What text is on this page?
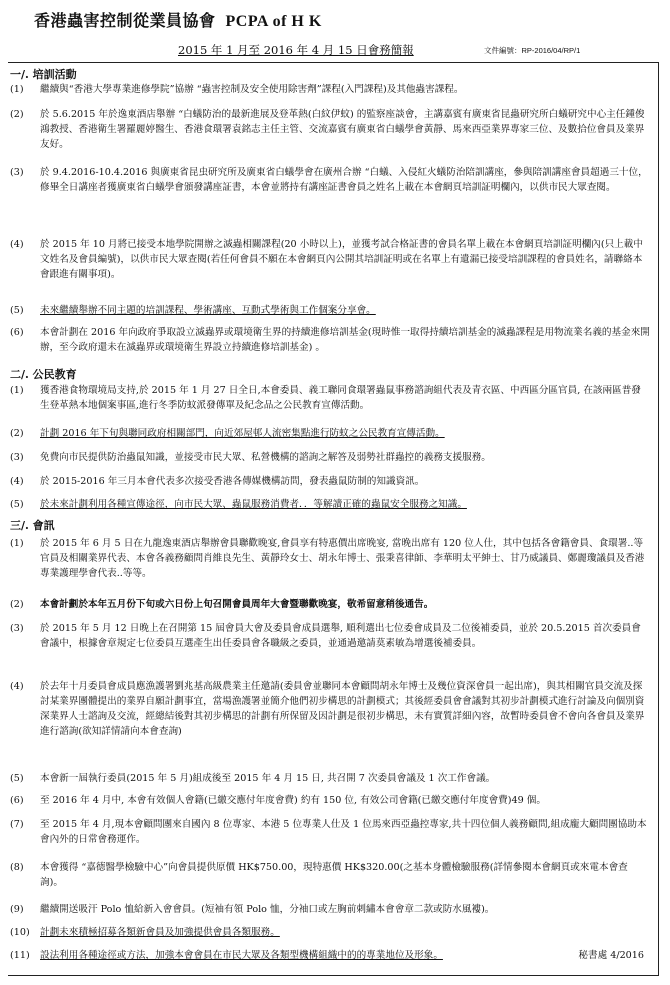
香港蟲害控制從業員協會 PCPA of H K
2015 年 1 月至 2016 年 4 月 15 日會務簡報	文件編號：RP-2016/04/RP/1
一/. 培訓活動
(1)	繼續與“香港大學專業進修學院”協辦 “蟲害控制及安全使用除害劑”課程(入門課程)及其他蟲害課程。
(2)	於 5.6.2015 年於逸東酒店舉辦 “白蟻防治的最新進展及登革熱(白紋伊蚊) 的監察座談會，主講嘉賓有廣東省昆蟲研究所白蟻研究中心主任鍾俊鴻教授、香港衛生署羅麗婷醫生、香港食環署袁銘志主任主管、交流嘉賓有廣東省白蟻學會黃靜、馬來西亞業界專家三位、及數拾位會員及業界友好。
(3)	於 9.4.2016-10.4.2016 與廣東省昆虫研究所及廣東省白蟻學會在廣州合辦 “白蟻、入侵紅火蟻防治陪訓講座，參與陪訓講座會員超過三十位，修畢全日講座者獲廣東省白蟻學會頒發講座証書，本會並將持有講座証書會員之姓名上載在本會網頁培訓証明欄內，以供市民大眾查閱。
(4)	於 2015 年 10 月將已接受本地學院開辦之滅蟲相關課程(20 小時以上)，並獲考試合格証書的會員名單上載在本會網頁培訓証明欄內(只上載中文姓名及會員編號)，以供市民大眾查閱(若任何會員不願在本會網頁內公開其培訓証明或在名單上有遺漏已接受培訓課程的會員姓名，請聯絡本會跟進有關事項)。
(5)	未來繼續舉辦不同主題的培訓課程、學術講座、互動式學術與工作個案分享會。
(6)	本會計劃在 2016 年向政府爭取設立滅蟲界或環境衛生界的持續進修培訓基金(現時惟一取得持續培訓基金的滅蟲課程是用物流業名義的基金來開辦，至今政府還未在滅蟲界或環境衛生界設立持續進修培訓基金) 。
二/. 公民教育
(1)	獲香港食物環境局支持,於 2015 年 1 月 27 日全日,本會委員、義工聯同食環署蟲鼠事務諮詢組代表及青衣區、中西區分區官員, 在該兩區普發生登革熱本地個案事區,進行冬季防蚊派發傳單及紀念品之公民教育宣傳活動。
(2)	計劃 2016 年下旬與聯同政府相關部門，向近郊屋邨人流密集點進行防蚊之公民教育宣傳活動。
(3)	免費向市民提供防治蟲鼠知識，並接受市民大眾、私營機構的諮詢之解答及弱勢社群蟲控的義務支援服務。
(4)	於 2015-2016 年三月本會代表多次接受香港各傳媒機構訪問，發表蟲鼠防制的知識資訊。
(5)	於未來計劃利用各種宣傳途徑，向市民大眾、蟲鼠服務消費者．．等解讀正確的蟲鼠安全服務之知識。
三/. 會訊
(1)	於 2015 年 6 月 5 日在九龍逸東酒店舉辦會員聯歡晚宴,會員享有特惠價出席晚宴, 當晚出席有 120 位人仕，其中包括各會籍會員、食環署..等官員及相關業界代表、本會各義務顧問肖維良先生、黃靜玲女士、胡永年博士、張秉喜律師、李華明太平紳士、甘乃威議員、鄭麗瓊議員及香港專業護理學會代表..等等。
(2)	本會計劃於本年五月份下旬或六日份上旬召開會員周年大會暨聯歡晚宴，敬希留意稍後通告。
(3)	於 2015 年 5 月 12 日晚上在召開第 15 屆會員大會及委員會成員選舉, 順利選出七位委會成員及二位後補委員，並於 20.5.2015 首次委員會會議中，根據會章規定七位委員互選產生出任委員會各職級之委員，並通過邀請莫素敏為增選後補委員。
(4)	於去年十月委員會成員應漁護署劉兆基高級農業主任邀請(委員會並聯同本會顧問胡永年博士及幾位資深會員一起出席)，與其相關官員交流及探討某業界團體提出的業界自願計劃事宜，當場漁護署並簡介他們初步構思的計劃模式；其後經委員會會議對其初步計劃模式進行討論及向個別資深業界人士諮詢及交流，經總結後對其初步構思的計劃有所保留及因計劃是很初步構思，未有實質詳細內容，故暫時委員會不會向各會員及業界進行諮詢(欲知詳情請向本會查詢)
(5)	本會新一屆執行委員(2015 年 5 月)組成後至 2015 年 4 月 15 日, 共召開 7 次委員會議及 1 次工作會議。
(6)	至 2016 年 4 月中, 本會有效個人會籍(已繳交應付年度會費) 約有 150 位, 有效公司會籍(已繳交應付年度會費)49 個。
(7)	至 2015 年 4 月,現本會顧問團來自國內 8 位專家、本港 5 位專業人仕及 1 位馬來西亞蟲控專家,共十四位個人義務顧問,組成龐大顧問團協助本會內外的日常會務運作。
(8)	本會獲得 “嘉德醫學檢驗中心”向會員提供原價 HK$750.00，現特惠價 HK$320.00(之基本身體檢驗服務(詳情參閱本會網頁或來電本會查詢)。
(9)	繼續開送吸汗 Polo 恤給新入會會員。(短袖有領 Polo 恤，分袖口或左胸前刺繡本會會章二款或防水風褸)。
(10)	計劃未來積極招募各類新會員及加強提供會員各類服務。
(11)	設法利用各種途徑或方法，加強本會會員在市民大眾及各類型機構組織中的的專業地位及形象。	秘書處 4/2016
